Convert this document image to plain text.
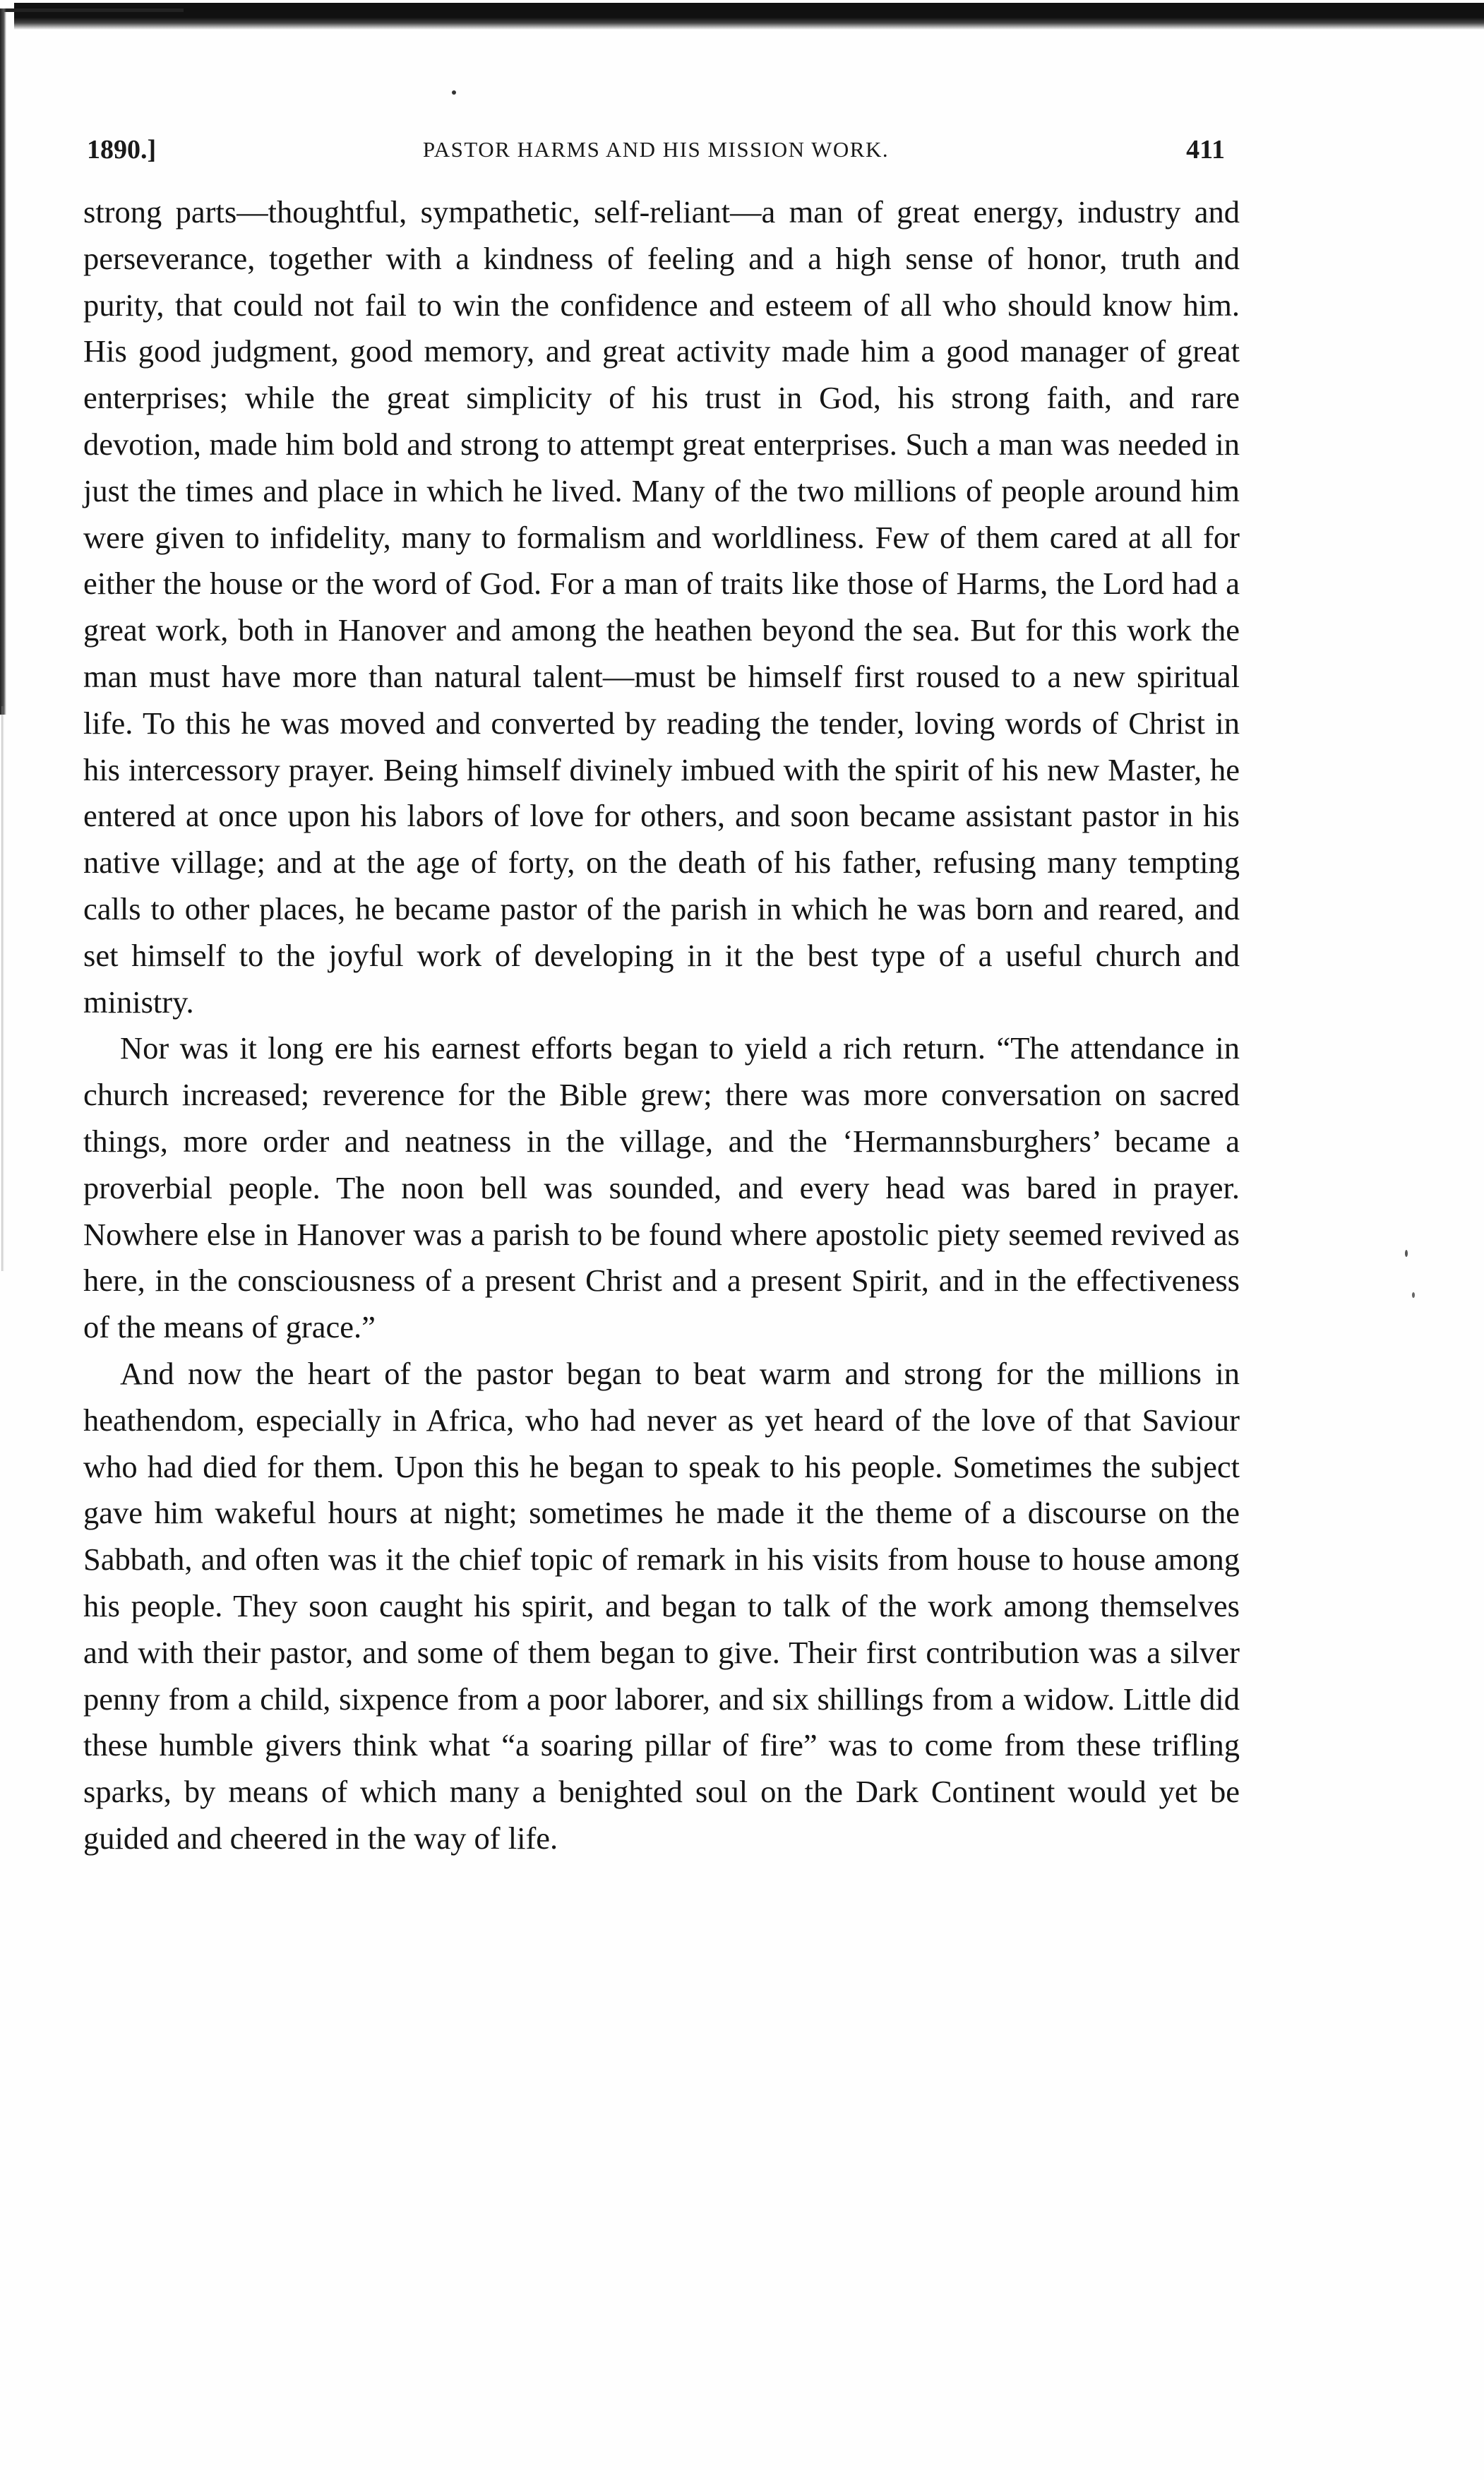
1890.]	PASTOR HARMS AND HIS MISSION WORK.	411

strong parts—thoughtful, sympathetic, self-reliant—a man of great energy, industry and perseverance, together with a kindness of feeling and a high sense of honor, truth and purity, that could not fail to win the confidence and esteem of all who should know him. His good judgment, good memory, and great activity made him a good manager of great enterprises; while the great simplicity of his trust in God, his strong faith, and rare devotion, made him bold and strong to attempt great enterprises. Such a man was needed in just the times and place in which he lived. Many of the two millions of people around him were given to infidelity, many to formalism and worldliness. Few of them cared at all for either the house or the word of God. For a man of traits like those of Harms, the Lord had a great work, both in Hanover and among the heathen beyond the sea. But for this work the man must have more than natural talent—must be himself first roused to a new spiritual life. To this he was moved and converted by reading the tender, loving words of Christ in his intercessory prayer. Being himself divinely imbued with the spirit of his new Master, he entered at once upon his labors of love for others, and soon became assistant pastor in his native village; and at the age of forty, on the death of his father, refusing many tempting calls to other places, he became pastor of the parish in which he was born and reared, and set himself to the joyful work of developing in it the best type of a useful church and ministry.

Nor was it long ere his earnest efforts began to yield a rich return. “The attendance in church increased; reverence for the Bible grew; there was more conversation on sacred things, more order and neatness in the village, and the ‘Hermannsburghers’ became a proverbial people. The noon bell was sounded, and every head was bared in prayer. Nowhere else in Hanover was a parish to be found where apostolic piety seemed revived as here, in the consciousness of a present Christ and a present Spirit, and in the effectiveness of the means of grace.”

And now the heart of the pastor began to beat warm and strong for the millions in heathendom, especially in Africa, who had never as yet heard of the love of that Saviour who had died for them. Upon this he began to speak to his people. Sometimes the subject gave him wakeful hours at night; sometimes he made it the theme of a discourse on the Sabbath, and often was it the chief topic of remark in his visits from house to house among his people. They soon caught his spirit, and began to talk of the work among themselves and with their pastor, and some of them began to give. Their first contribution was a silver penny from a child, sixpence from a poor laborer, and six shillings from a widow. Little did these humble givers think what “a soaring pillar of fire” was to come from these trifling sparks, by means of which many a benighted soul on the Dark Continent would yet be guided and cheered in the way of life.
